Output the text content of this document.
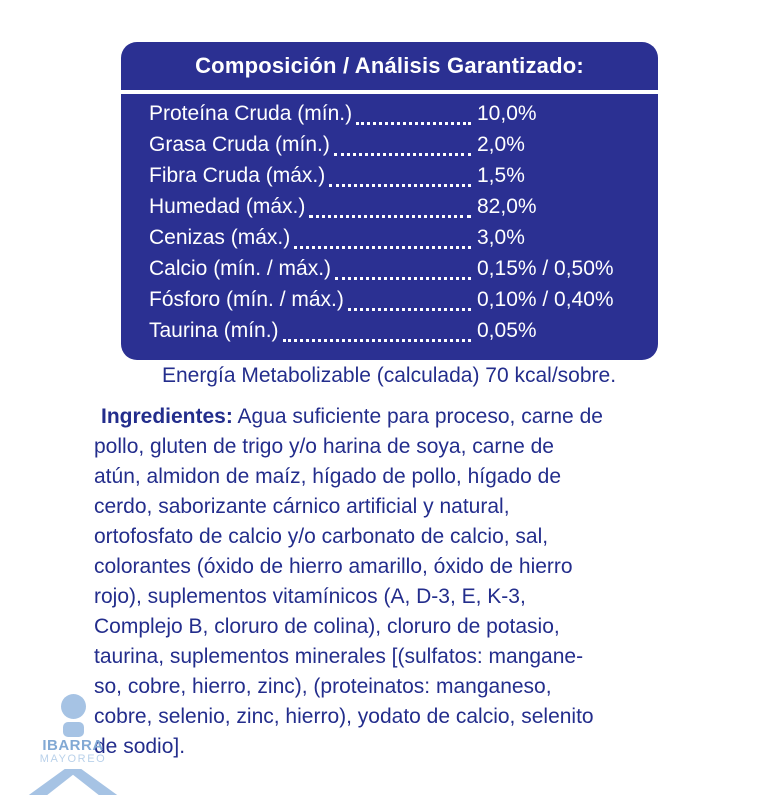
Composición / Análisis Garantizado:
Proteína Cruda (mín.)	10,0%
Grasa Cruda (mín.)	2,0%
Fibra Cruda (máx.)	1,5%
Humedad (máx.)	82,0%
Cenizas (máx.)	3,0%
Calcio (mín. / máx.)	0,15% / 0,50%
Fósforo (mín. / máx.)	0,10% / 0,40%
Taurina (mín.)	0,05%
Energía Metabolizable (calculada) 70 kcal/sobre.
Ingredientes: Agua suficiente para proceso, carne de
pollo, gluten de trigo y/o harina de soya, carne de
atún, almidon de maíz, hígado de pollo, hígado de
cerdo, saborizante cárnico artificial y natural,
ortofosfato de calcio y/o carbonato de calcio, sal,
colorantes (óxido de hierro amarillo, óxido de hierro
rojo), suplementos vitamínicos (A, D-3, E, K-3,
Complejo B, cloruro de colina), cloruro de potasio,
taurina, suplementos minerales [(sulfatos: mangane-
so, cobre, hierro, zinc), (proteinatos: manganeso,
cobre, selenio, zinc, hierro), yodato de calcio, selenito
de sodio].
IBARRA
MAYOREO
